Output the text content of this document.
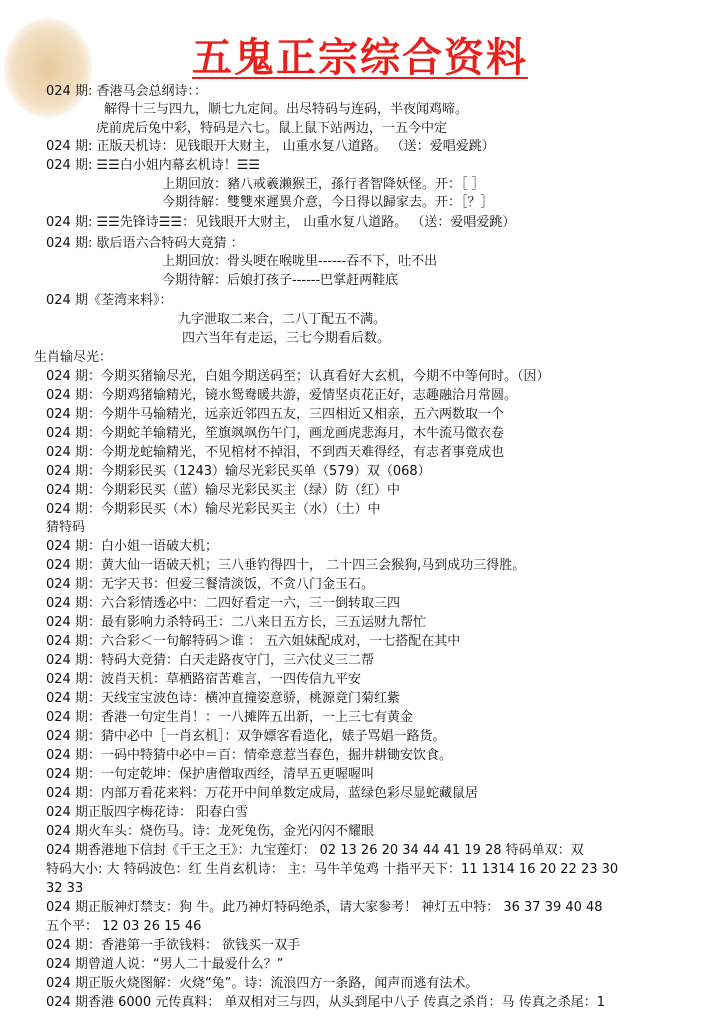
五鬼正宗综合资料
024 期: 香港马会总纲诗：：
解得十三与四九，顺七九定间。出尽特码与连码，半夜闻鸡啼。
虎前虎后兔中彩，特码是六七。鼠上鼠下站两边，一五今中定
024 期: 正版天机诗：见钱眼开大财主， 山重水复八道路。 （送：爱唱爱跳）
024 期: ☰☰白小姐内幕玄机诗！☰☰
上期回放：豬八戒羲濑猴王，孫行者智降妖怪。开：［ ］
今期待解：雙雙來遲異介意，今日得以歸家去。开：［？］
024 期: ☰☰先锋诗☰☰：见钱眼开大财主， 山重水复八道路。 （送：爱唱爱跳）
024 期: 歇后语六合特码大竟猜 ：
上期回放：骨头哽在喉咙里------吞不下，吐不出
今期待解：后娘打孩子------巴掌赶两鞋底
024 期《荃湾来料》：
九字泄取二来合，二八丁配五不满。
四六当年有走运，三七今期看后数。
生肖输尽光：
024 期：今期买猪输尽光，白姐今期送码至；认真看好大玄机，今期不中等何时。（因）
024 期：今期鸡猪输精光，镜水鸳鸯暖共游，爱情坚贞花正好，志趣融洽月常圆。
024 期：今期牛马输精光，远亲近邻四五友，三四相近又相亲，五六两数取一个
024 期：今期蛇羊输精光，笙旗飒飒伤午门，画龙画虎悲海月，木牛流马徵衣卷
024 期：今期龙蛇输精光，不见棺材不掉泪，不到西天难得经，有志者事竟成也
024 期：今期彩民买（1243）输尽光彩民买单（579）双（068）
024 期：今期彩民买（蓝）输尽光彩民买主（绿）防（红）中
024 期：今期彩民买（木）输尽光彩民买主（水）（土）中
猜特码
024 期：白小姐一语破大机；
024 期：黄大仙一语破天机；三八垂钓得四十， 二十四三会猴狗,马到成功三得胜。
024 期：无字天书：但爱三餐清淡饭，不贪八门金玉石。
024 期：六合彩情透必中：二四好看定一六，三一倒转取三四
024 期：最有影响力杀特码王：二八来日五方长，三五运财九帮忙
024 期：六合彩＜一句解特码＞谁 ： 五六姐妹配成对，一七搭配在其中
024 期：特码大竞猜：白天走路夜守门，三六仗义三二帮
024 期：波肖天机：草栖路宿苦难言，一四传信九平安
024 期：天线宝宝波色诗：横冲直撞姿意骄，桃源竟门菊红紫
024 期：香港一句定生肖！：一八摊阵五出新，一上三七有黄金
024 期：猜中必中［一肖玄机］：双争嫖客看造化，婊子骂娼一路货。
024 期：一码中特猜中必中＝百：情牵意惹当春色，掘井耕锄安饮食。
024 期：一句定乾坤：保护唐僧取西经，清早五更喔喔叫
024 期：内部万看花来料：万花开中间单数定成局，蓝绿色彩尽显蛇藏鼠居
024 期正版四字梅花诗： 阳春白雪
024 期火车头：烧伤马。诗：龙死兔伤，金光闪闪不耀眼
024 期香港地下信封《千王之王》：九宝莲灯： 02 13 26 20 34 44 41 19 28 特码单双：双
特码大小: 大 特码波色：红 生肖玄机诗： 主：马牛羊兔鸡 十指平天下：11 1314 16 20 22 23 30
32 33
024 期正版神灯禁支：狗 牛。此乃神灯特码绝杀，请大家参考！ 神灯五中特： 36 37 39 40 48
五个平： 12 03 26 15 46
024 期：香港第一手欲钱料： 欲钱买一双手
024 期曾道人说：“男人二十最爱什么？”
024 期正版火烧图解：火烧“兔”。诗：流浪四方一条路，闻声而逃有法术。
024 期香港 6000 元传真料： 单双相对三与四，从头到尾中八子 传真之杀肖：马 传真之杀尾：1
